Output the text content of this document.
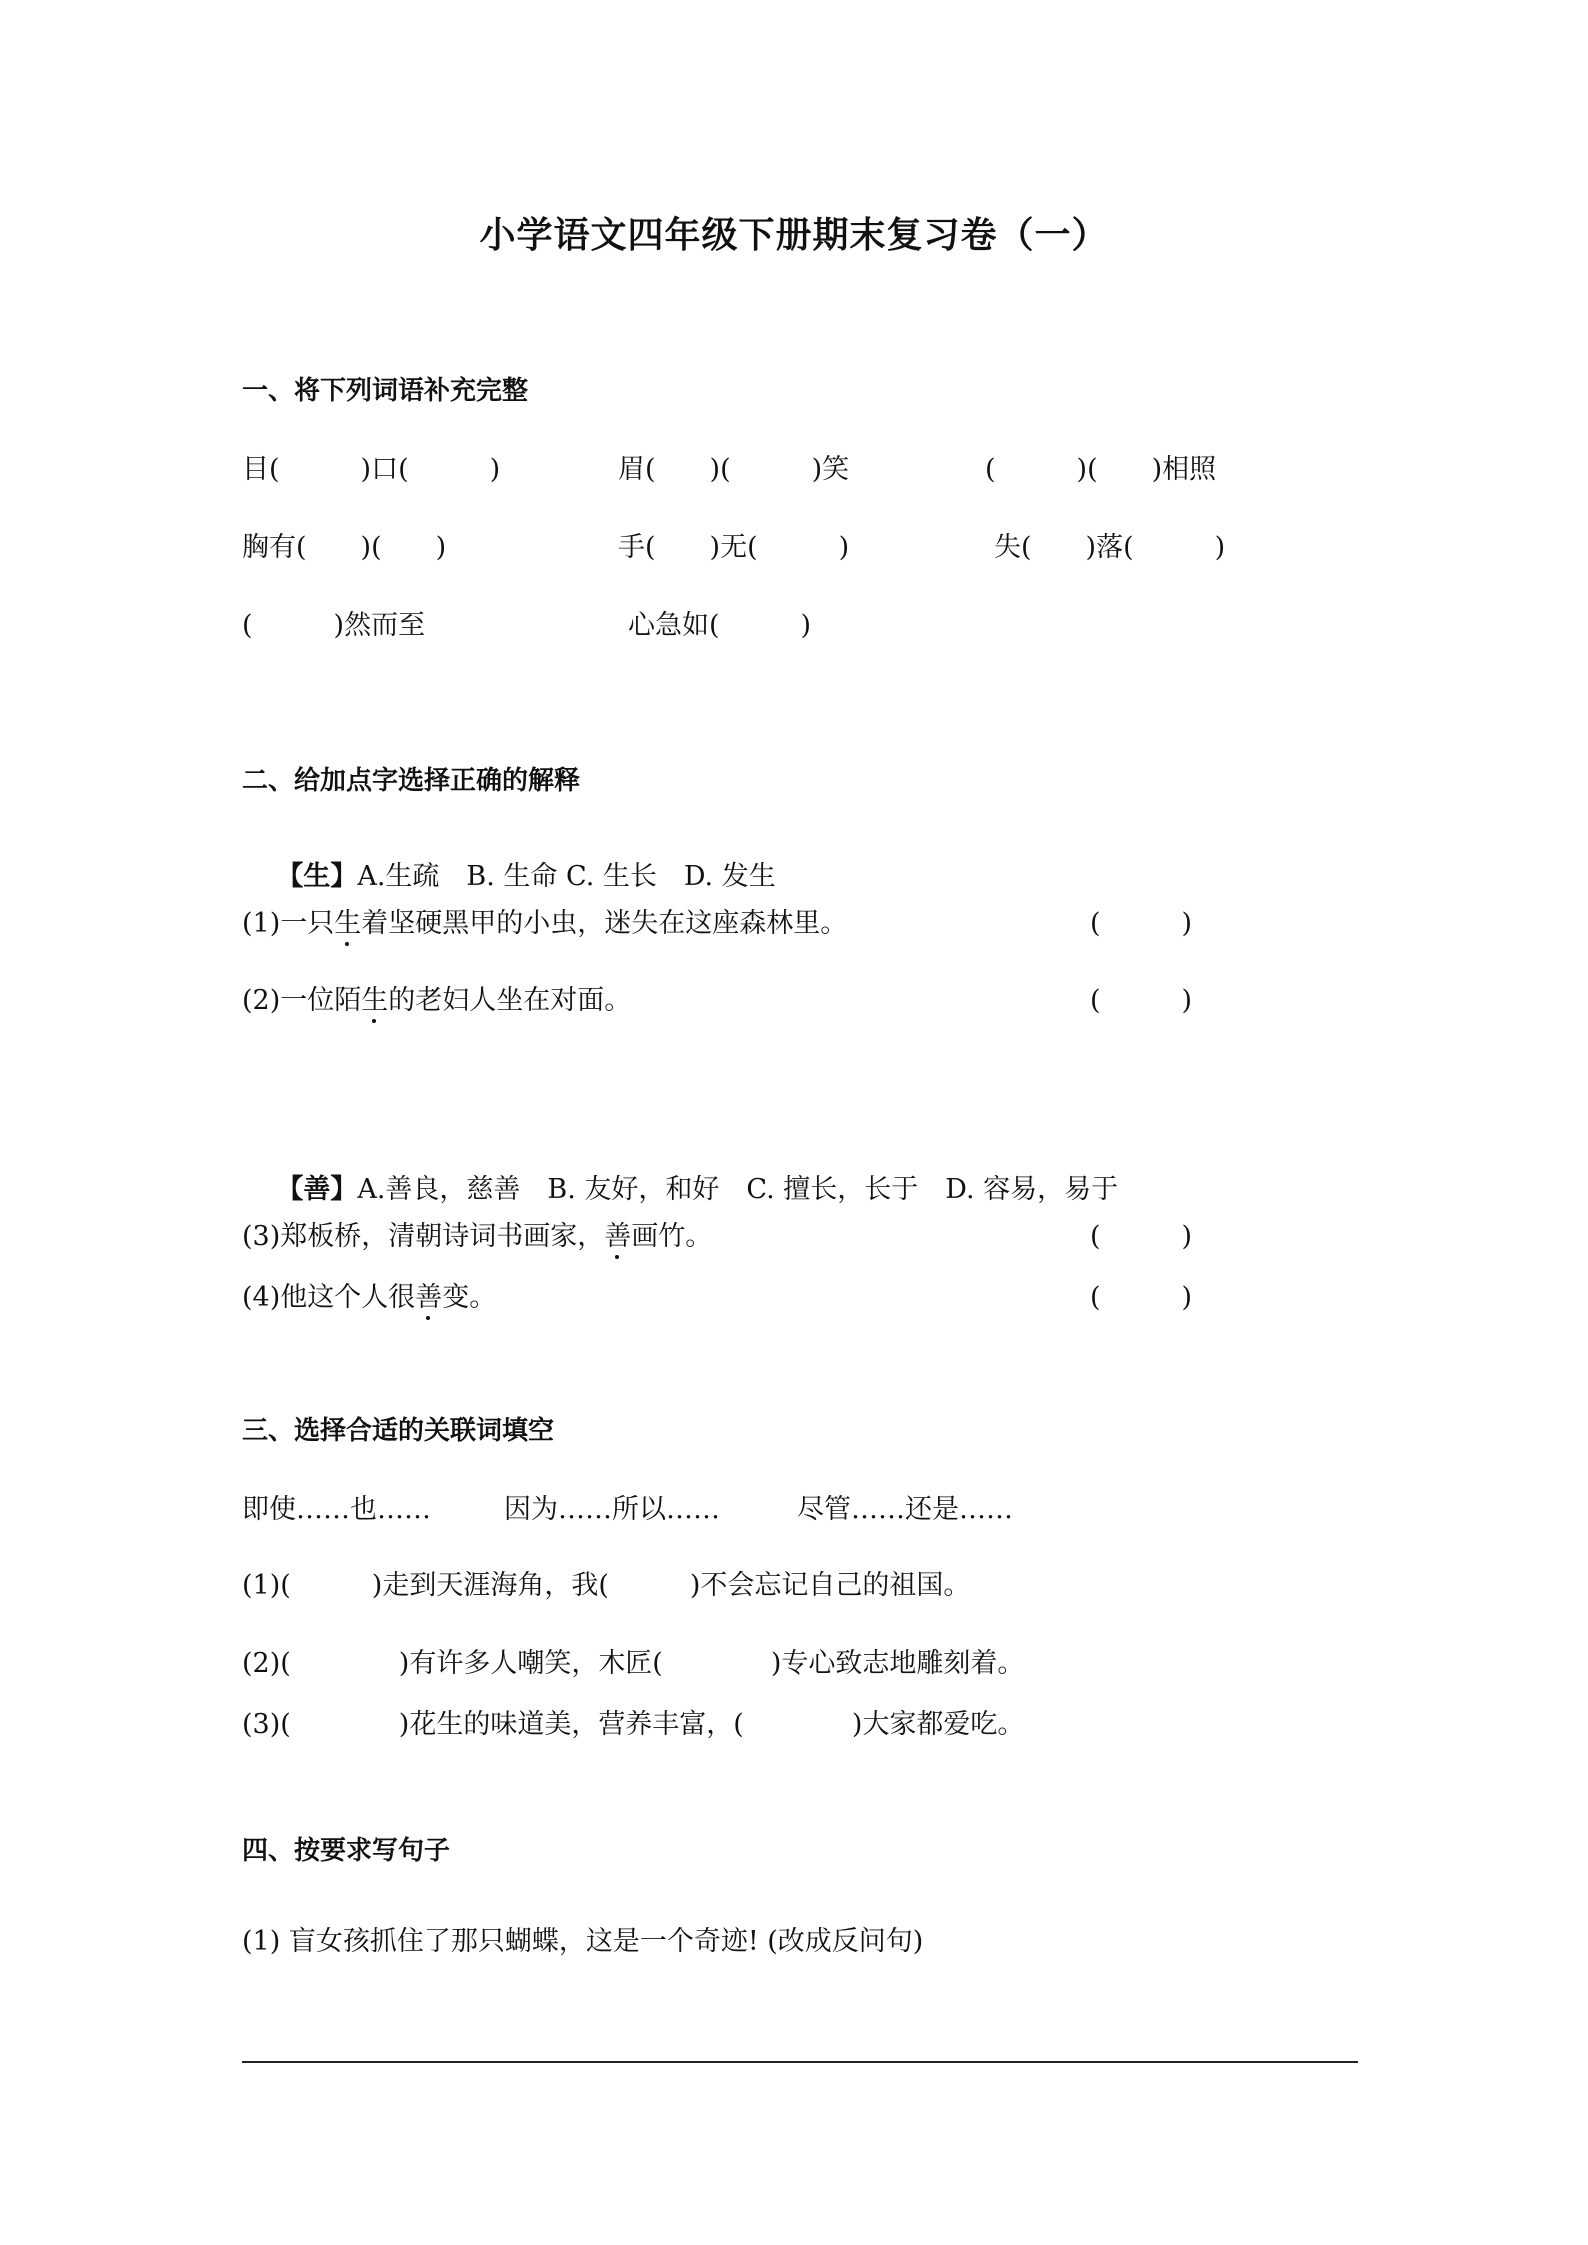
小学语文四年级下册期末复习卷（一）
一、将下列词语补充完整
目(　　　)口(　　　)	眉(　　)(　　　)笑	(　　　)(　　)相照
胸有(　　)(　　)	手(　　)无(　　　)	失(　　)落(　　　)
(　　　)然而至	心急如(　　　)
二、给加点字选择正确的解释

【生】A.生疏　B. 生命 C. 生长　D. 发生

(1)一只生
着坚硬黑甲的小虫，迷失在这座森林里。	(　　　)
(2)一位陌生
的老妇人坐在对面。	(　　　)

【善】A.善良，慈善　B. 友好，和好　C. 擅长，长于　D. 容易，易于

(3)郑板桥，清朝诗词书画家，善
画竹。	(　　　)
(4)他这个人很善
变。	(　　　)
三、选择合适的关联词填空
即使……也……	因为……所以……	尽管……还是……
(1)(　　　)走到天涯海角，我(　　　)不会忘记自己的祖国。
(2)(　　　　)有许多人嘲笑，木匠(　　　　)专心致志地雕刻着。
(3)(　　　　)花生的味道美，营养丰富，(　　　　)大家都爱吃。
四、按要求写句子
(1) 盲女孩抓住了那只蝴蝶，这是一个奇迹! (改成反问句)
